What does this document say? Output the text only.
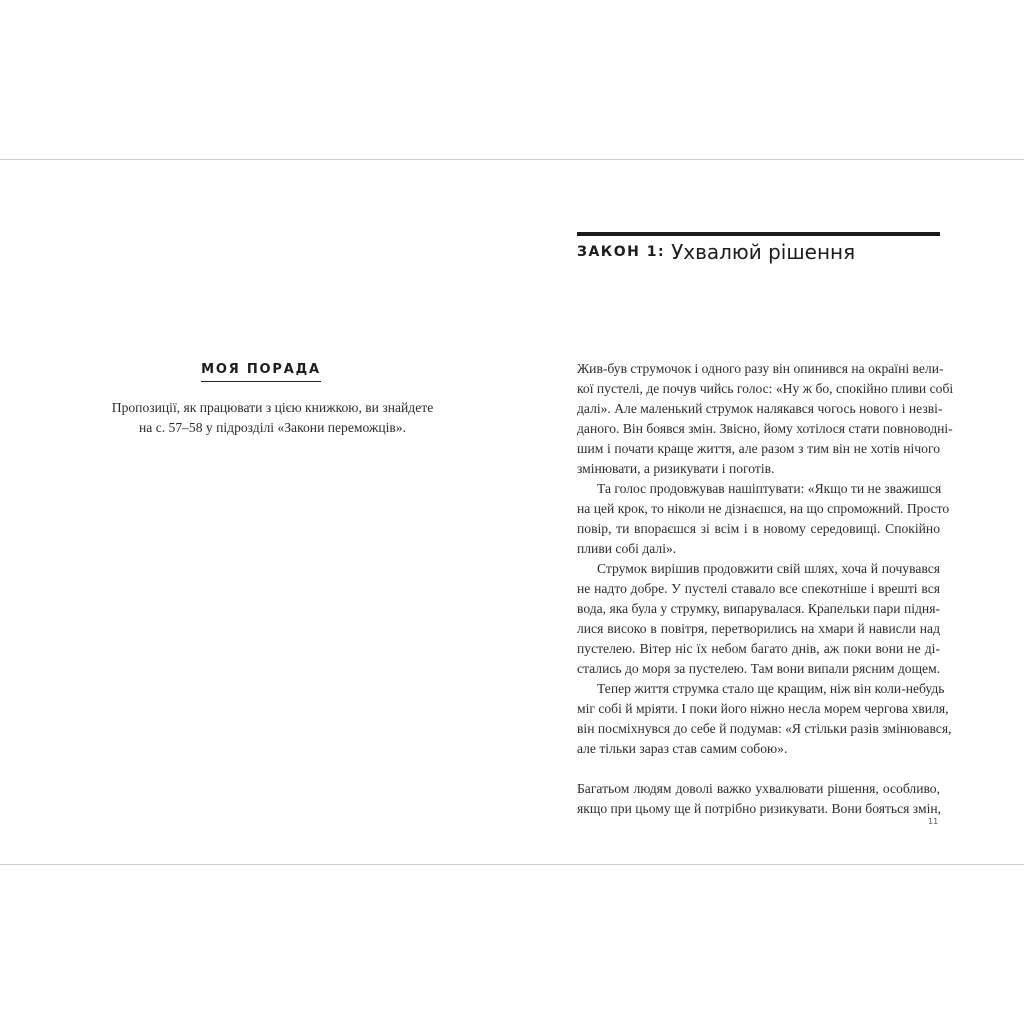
МОЯ ПОРАДА

Пропозиції, як працювати з цією книжкою, ви знайдете

на с. 57–58 у підрозділі «Закони переможців».

ЗАКОН 1: Ухвалюй рішення
Жив-був струмочок і одного разу він опинився на окраїні вели-
кої пустелі, де почув чийсь голос: «Ну ж бо, спокійно пливи собі
далі». Але маленький струмок налякався чогось нового і незві-
даного. Він боявся змін. Звісно, йому хотілося стати повноводні-
шим і почати краще життя, але разом з тим він не хотів нічого
змінювати, а ризикувати і поготів.
Та голос продовжував нашіптувати: «Якщо ти не зважишся
на цей крок, то ніколи не дізнаєшся, на що спроможний. Просто
повір, ти впораєшся зі всім і в новому середовищі. Спокійно
пливи собі далі».
Струмок вирішив продовжити свій шлях, хоча й почувався
не надто добре. У пустелі ставало все спекотніше і врешті вся
вода, яка була у струмку, випарувалася. Крапельки пари підня-
лися високо в повітря, перетворились на хмари й нависли над
пустелею. Вітер ніс їх небом багато днів, аж поки вони не ді-
стались до моря за пустелею. Там вони випали рясним дощем.
Тепер життя струмка стало ще кращим, ніж він коли-небудь
міг собі й мріяти. І поки його ніжно несла морем чергова хвиля,
він посміхнувся до себе й подумав: «Я стільки разів змінювався,
але тільки зараз став самим собою».
Багатьом людям доволі важко ухвалювати рішення, особливо,
якщо при цьому ще й потрібно ризикувати. Вони бояться змін,
11
